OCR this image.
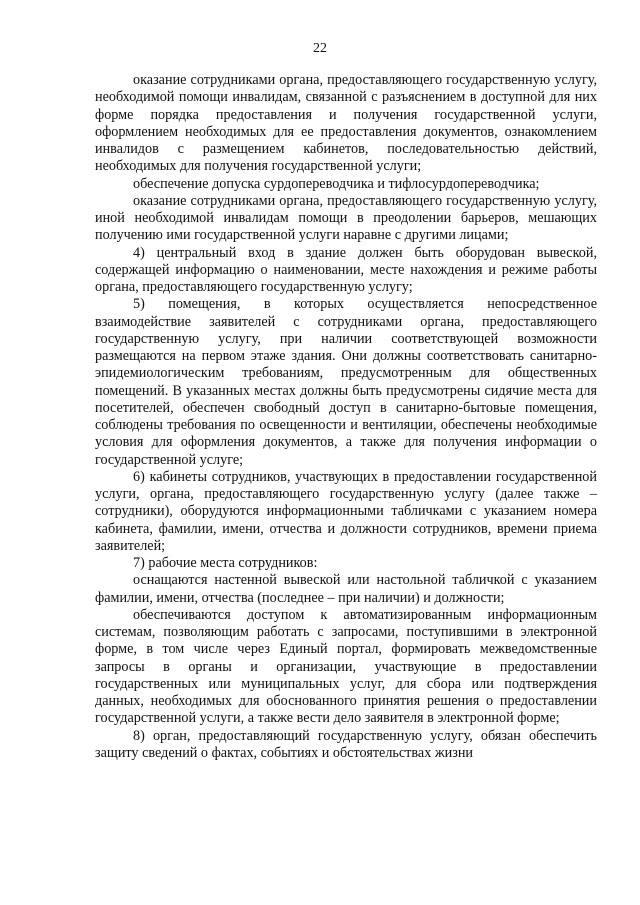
22

оказание сотрудниками органа, предоставляющего государственную услугу, необходимой помощи инвалидам, связанной с разъяснением в доступной для них форме порядка предоставления и получения государственной услуги, оформлением необходимых для ее предоставления документов, ознакомлением инвалидов с размещением кабинетов, последовательностью действий, необходимых для получения государственной услуги;

обеспечение допуска сурдопереводчика и тифлосурдопереводчика;

оказание сотрудниками органа, предоставляющего государственную услугу, иной необходимой инвалидам помощи в преодолении барьеров, мешающих получению ими государственной услуги наравне с другими лицами;

4) центральный вход в здание должен быть оборудован вывеской, содержащей информацию о наименовании, месте нахождения и режиме работы органа, предоставляющего государственную услугу;

5) помещения, в которых осуществляется непосредственное взаимодействие заявителей с сотрудниками органа, предоставляющего государственную услугу, при наличии соответствующей возможности размещаются на первом этаже здания. Они должны соответствовать санитарно-эпидемиологическим требованиям, предусмотренным для общественных помещений. В указанных местах должны быть предусмотрены сидячие места для посетителей, обеспечен свободный доступ в санитарно-бытовые помещения, соблюдены требования по освещенности и вентиляции, обеспечены необходимые условия для оформления документов, а также для получения информации о государственной услуге;

6) кабинеты сотрудников, участвующих в предоставлении государственной услуги, органа, предоставляющего государственную услугу (далее также – сотрудники), оборудуются информационными табличками с указанием номера кабинета, фамилии, имени, отчества и должности сотрудников, времени приема заявителей;

7) рабочие места сотрудников:

оснащаются настенной вывеской или настольной табличкой с указанием фамилии, имени, отчества (последнее – при наличии) и должности;

обеспечиваются доступом к автоматизированным информационным системам, позволяющим работать с запросами, поступившими в электронной форме, в том числе через Единый портал, формировать межведомственные запросы в органы и организации, участвующие в предоставлении государственных или муниципальных услуг, для сбора или подтверждения данных, необходимых для обоснованного принятия решения о предоставлении государственной услуги, а также вести дело заявителя в электронной форме;

8) орган, предоставляющий государственную услугу, обязан обеспечить защиту сведений о фактах, событиях и обстоятельствах жизни
